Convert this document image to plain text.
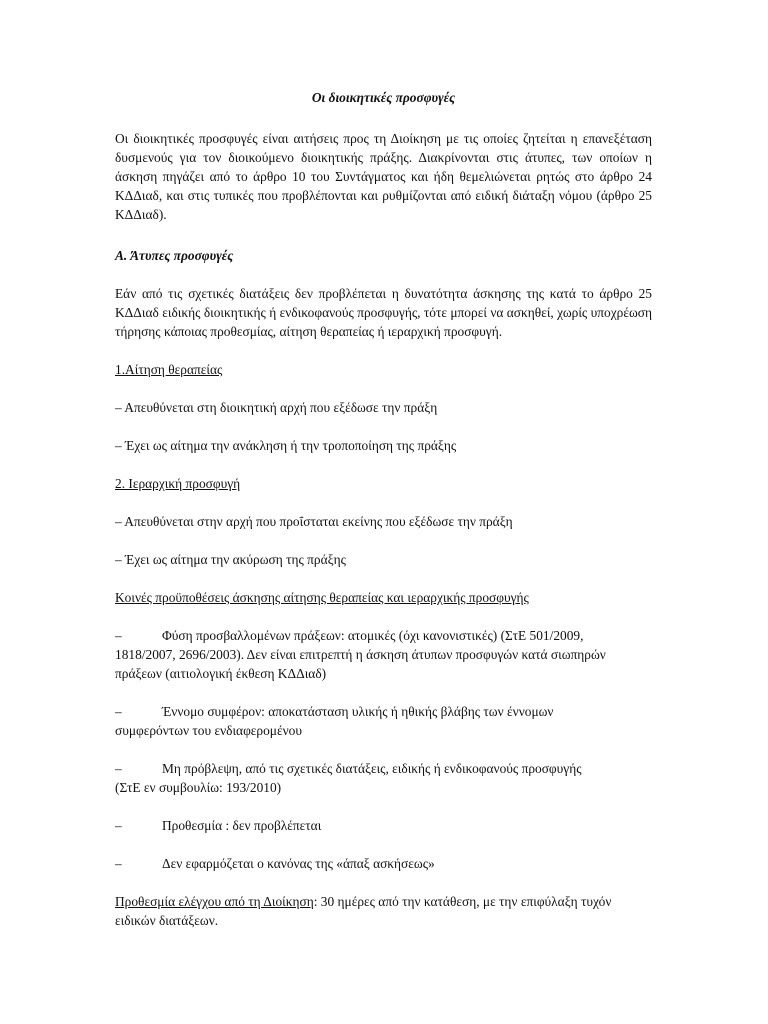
Οι διοικητικές προσφυγές

Οι διοικητικές προσφυγές είναι αιτήσεις προς τη Διοίκηση με τις οποίες ζητείται η επανεξέταση δυσμενούς για τον διοικούμενο διοικητικής πράξης. Διακρίνονται στις άτυπες, των οποίων η άσκηση πηγάζει από το άρθρο 10 του Συντάγματος και ήδη θεμελιώνεται ρητώς στο άρθρο 24 ΚΔΔιαδ, και στις τυπικές που προβλέπονται και ρυθμίζονται από ειδική διάταξη νόμου (άρθρο 25 ΚΔΔιαδ).

Α. Άτυπες προσφυγές

Εάν από τις σχετικές διατάξεις δεν προβλέπεται η δυνατότητα άσκησης της κατά το άρθρο 25 ΚΔΔιαδ ειδικής διοικητικής ή ενδικοφανούς προσφυγής, τότε μπορεί να ασκηθεί, χωρίς υποχρέωση τήρησης κάποιας προθεσμίας, αίτηση θεραπείας ή ιεραρχική προσφυγή.

1.Αίτηση θεραπείας

– Απευθύνεται στη διοικητική αρχή που εξέδωσε την πράξη

– Έχει ως αίτημα την ανάκληση ή την τροποποίηση της πράξης

2. Ιεραρχική προσφυγή

– Απευθύνεται στην αρχή που προΐσταται εκείνης που εξέδωσε την πράξη

– Έχει ως αίτημα την ακύρωση της πράξης

Κοινές προϋποθέσεις άσκησης αίτησης θεραπείας και ιεραρχικής προσφυγής

–	Φύση προσβαλλομένων πράξεων: ατομικές (όχι κανονιστικές) (ΣτΕ 501/2009,
1818/2007, 2696/2003). Δεν είναι επιτρεπτή η άσκηση άτυπων προσφυγών κατά σιωπηρών πράξεων (αιτιολογική έκθεση ΚΔΔιαδ)
–	Έννομο συμφέρον: αποκατάσταση υλικής ή ηθικής βλάβης των έννομων
συμφερόντων του ενδιαφερομένου
–	Μη πρόβλεψη, από τις σχετικές διατάξεις, ειδικής ή ενδικοφανούς προσφυγής
(ΣτΕ εν συμβουλίω: 193/2010)
–	Προθεσμία : δεν προβλέπεται
–	Δεν εφαρμόζεται ο κανόνας της «άπαξ ασκήσεως»

Προθεσμία ελέγχου από τη Διοίκηση: 30 ημέρες από την κατάθεση, με την επιφύλαξη τυχόν ειδικών διατάξεων.
